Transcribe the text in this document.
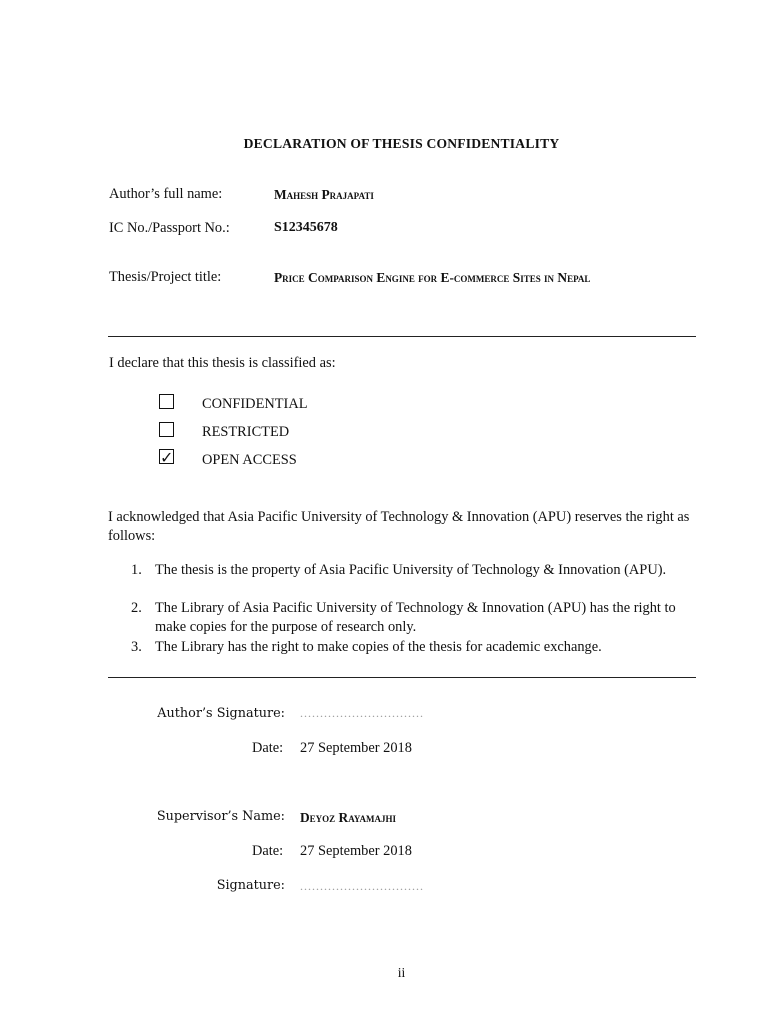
DECLARATION OF THESIS CONFIDENTIALITY
Author’s full name:	Mahesh Prajapati
IC No./Passport No.:	S12345678
Thesis/Project title:	Price Comparison Engine for E-commerce Sites in Nepal
I declare that this thesis is classified as:
CONFIDENTIAL
RESTRICTED
✓ OPEN ACCESS
I acknowledged that Asia Pacific University of Technology & Innovation (APU) reserves the right as follows:
1. The thesis is the property of Asia Pacific University of Technology & Innovation (APU).
2. The Library of Asia Pacific University of Technology & Innovation (APU) has the right to make copies for the purpose of research only.
3. The Library has the right to make copies of the thesis for academic exchange.
Author’s Signature: ...............................
Date: 27 September 2018
Supervisor’s Name: Deyoz Rayamajhi
Date: 27 September 2018
Signature: ...............................
ii
